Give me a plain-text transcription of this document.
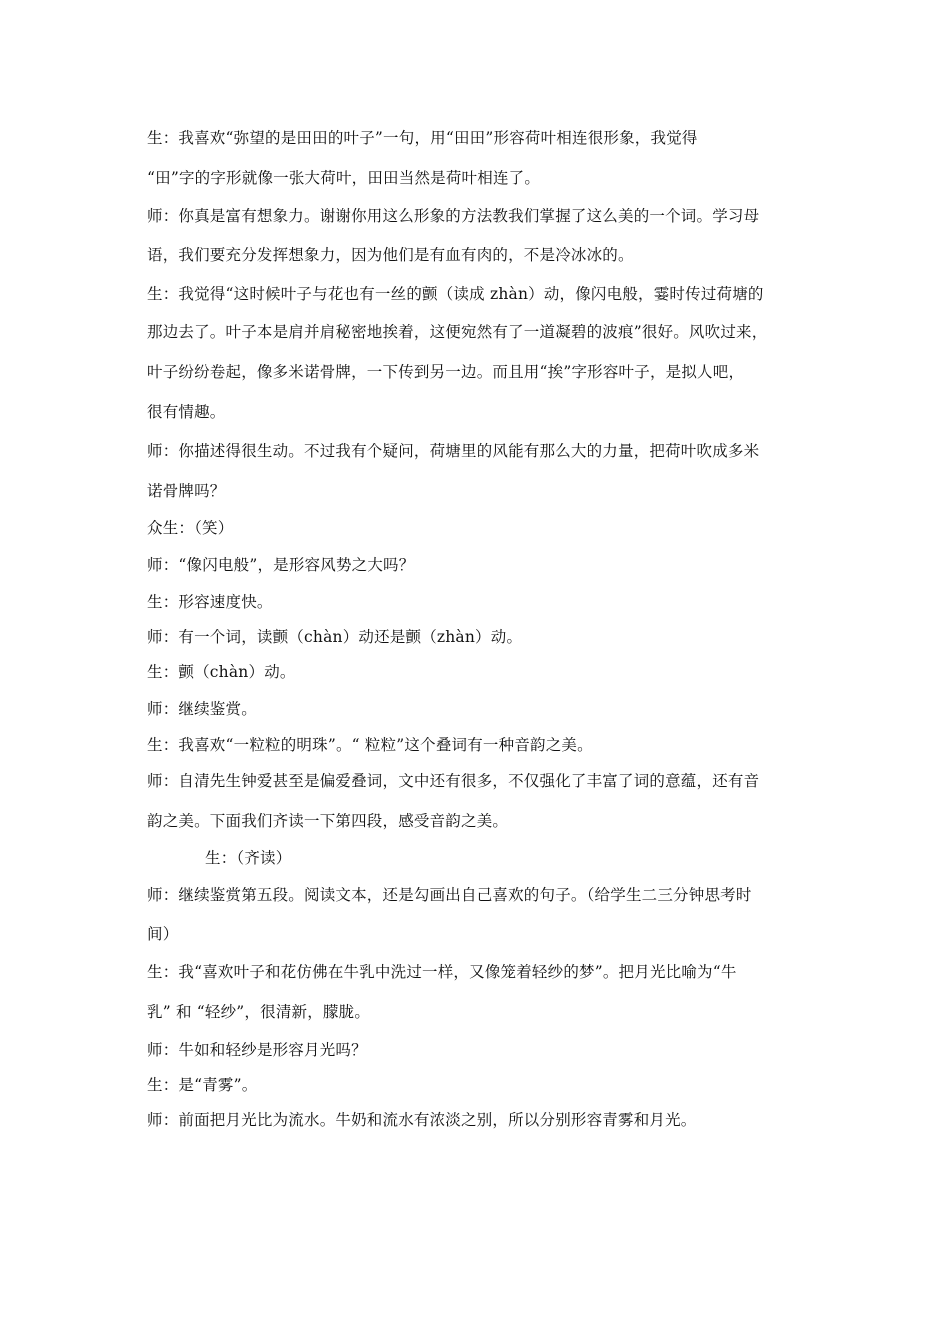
生：我喜欢“弥望的是田田的叶子”一句，用“田田”形容荷叶相连很形象，我觉得
“田”字的字形就像一张大荷叶，田田当然是荷叶相连了。
师：你真是富有想象力。谢谢你用这么形象的方法教我们掌握了这么美的一个词。学习母
语，我们要充分发挥想象力，因为他们是有血有肉的，不是冷冰冰的。
生：我觉得“这时候叶子与花也有一丝的颤（读成 zhàn）动，像闪电般，霎时传过荷塘的
那边去了。叶子本是肩并肩秘密地挨着，这便宛然有了一道凝碧的波痕”很好。风吹过来，
叶子纷纷卷起，像多米诺骨牌，一下传到另一边。而且用“挨”字形容叶子，是拟人吧，
很有情趣。
师：你描述得很生动。不过我有个疑问，荷塘里的风能有那么大的力量，把荷叶吹成多米
诺骨牌吗？
众生：（笑）
师：“像闪电般”，是形容风势之大吗？
生：形容速度快。
师：有一个词，读颤（chàn）动还是颤（zhàn）动。
生：颤（chàn）动。
师：继续鉴赏。
生：我喜欢“一粒粒的明珠”。“ 粒粒”这个叠词有一种音韵之美。
师：自清先生钟爱甚至是偏爱叠词，文中还有很多，不仅强化了丰富了词的意蕴，还有音
韵之美。下面我们齐读一下第四段，感受音韵之美。
生：（齐读）
师：继续鉴赏第五段。阅读文本，还是勾画出自己喜欢的句子。（给学生二三分钟思考时
间）
生：我“喜欢叶子和花仿佛在牛乳中洗过一样，又像笼着轻纱的梦”。把月光比喻为“牛
乳” 和 “轻纱”，很清新，朦胧。
师：牛如和轻纱是形容月光吗？
生：是“青雾”。
师：前面把月光比为流水。牛奶和流水有浓淡之别，所以分别形容青雾和月光。
